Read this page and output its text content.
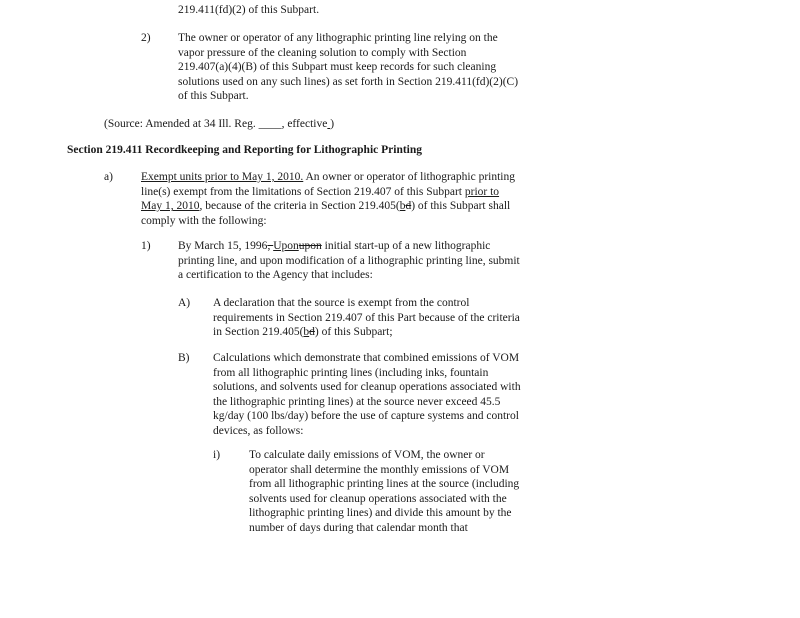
219.411(fd)(2) of this Subpart.
2) The owner or operator of any lithographic printing line relying on the
vapor pressure of the cleaning solution to comply with Section
219.407(a)(4)(B) of this Subpart must keep records for such cleaning
solutions used on any such lines) as set forth in Section 219.411(fd)(2)(C)
of this Subpart.
(Source: Amended at 34 Ill. Reg. ____, effective )
Section 219.411 Recordkeeping and Reporting for Lithographic Printing
a) Exempt units prior to May 1, 2010. An owner or operator of lithographic printing
line(s) exempt from the limitations of Section 219.407 of this Subpart prior to
May 1, 2010, because of the criteria in Section 219.405(bd) of this Subpart shall
comply with the following:
1) By March 15, 1996, Uponupon initial start-up of a new lithographic
printing line, and upon modification of a lithographic printing line, submit
a certification to the Agency that includes:
A) A declaration that the source is exempt from the control
requirements in Section 219.407 of this Part because of the criteria
in Section 219.405(bd) of this Subpart;
B) Calculations which demonstrate that combined emissions of VOM
from all lithographic printing lines (including inks, fountain
solutions, and solvents used for cleanup operations associated with
the lithographic printing lines) at the source never exceed 45.5
kg/day (100 lbs/day) before the use of capture systems and control
devices, as follows:
i)	To calculate daily emissions of VOM, the owner or
operator shall determine the monthly emissions of VOM
from all lithographic printing lines at the source (including
solvents used for cleanup operations associated with the
lithographic printing lines) and divide this amount by the
number of days during that calendar month that
